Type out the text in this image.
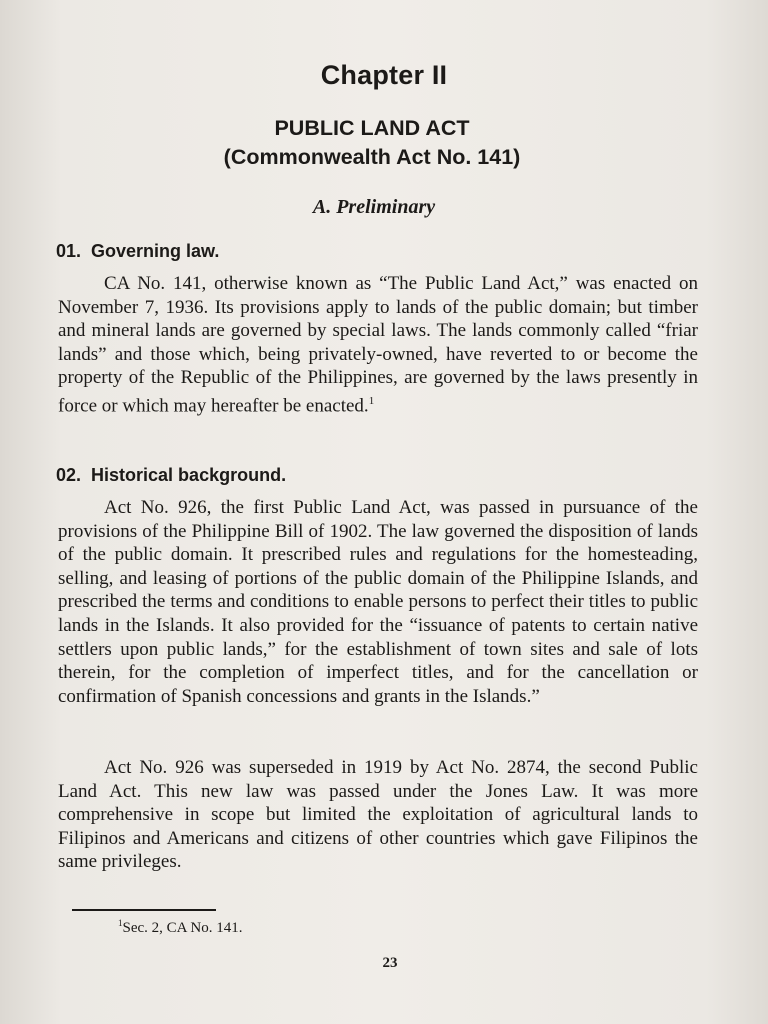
Chapter II
PUBLIC LAND ACT
(Commonwealth Act No. 141)
A. Preliminary
01. Governing law.

CA No. 141, otherwise known as “The Public Land Act,” was enacted on November 7, 1936. Its provisions apply to lands of the public domain; but timber and mineral lands are governed by special laws. The lands commonly called “friar lands” and those which, being privately-owned, have reverted to or become the property of the Republic of the Philippines, are governed by the laws presently in force or which may hereafter be enacted.$^1$

02. Historical background.

Act No. 926, the first Public Land Act, was passed in pursuance of the provisions of the Philippine Bill of 1902. The law governed the disposition of lands of the public domain. It prescribed rules and regulations for the homesteading, selling, and leasing of portions of the public domain of the Philippine Islands, and prescribed the terms and conditions to enable persons to perfect their titles to public lands in the Islands. It also provided for the “issuance of patents to certain native settlers upon public lands,” for the establishment of town sites and sale of lots therein, for the completion of imperfect titles, and for the cancellation or confirmation of Spanish concessions and grants in the Islands.”

Act No. 926 was superseded in 1919 by Act No. 2874, the second Public Land Act. This new law was passed under the Jones Law. It was more comprehensive in scope but limited the exploitation of agricultural lands to Filipinos and Americans and citizens of other countries which gave Filipinos the same privileges.

$^1$Sec. 2, CA No. 141.
23
